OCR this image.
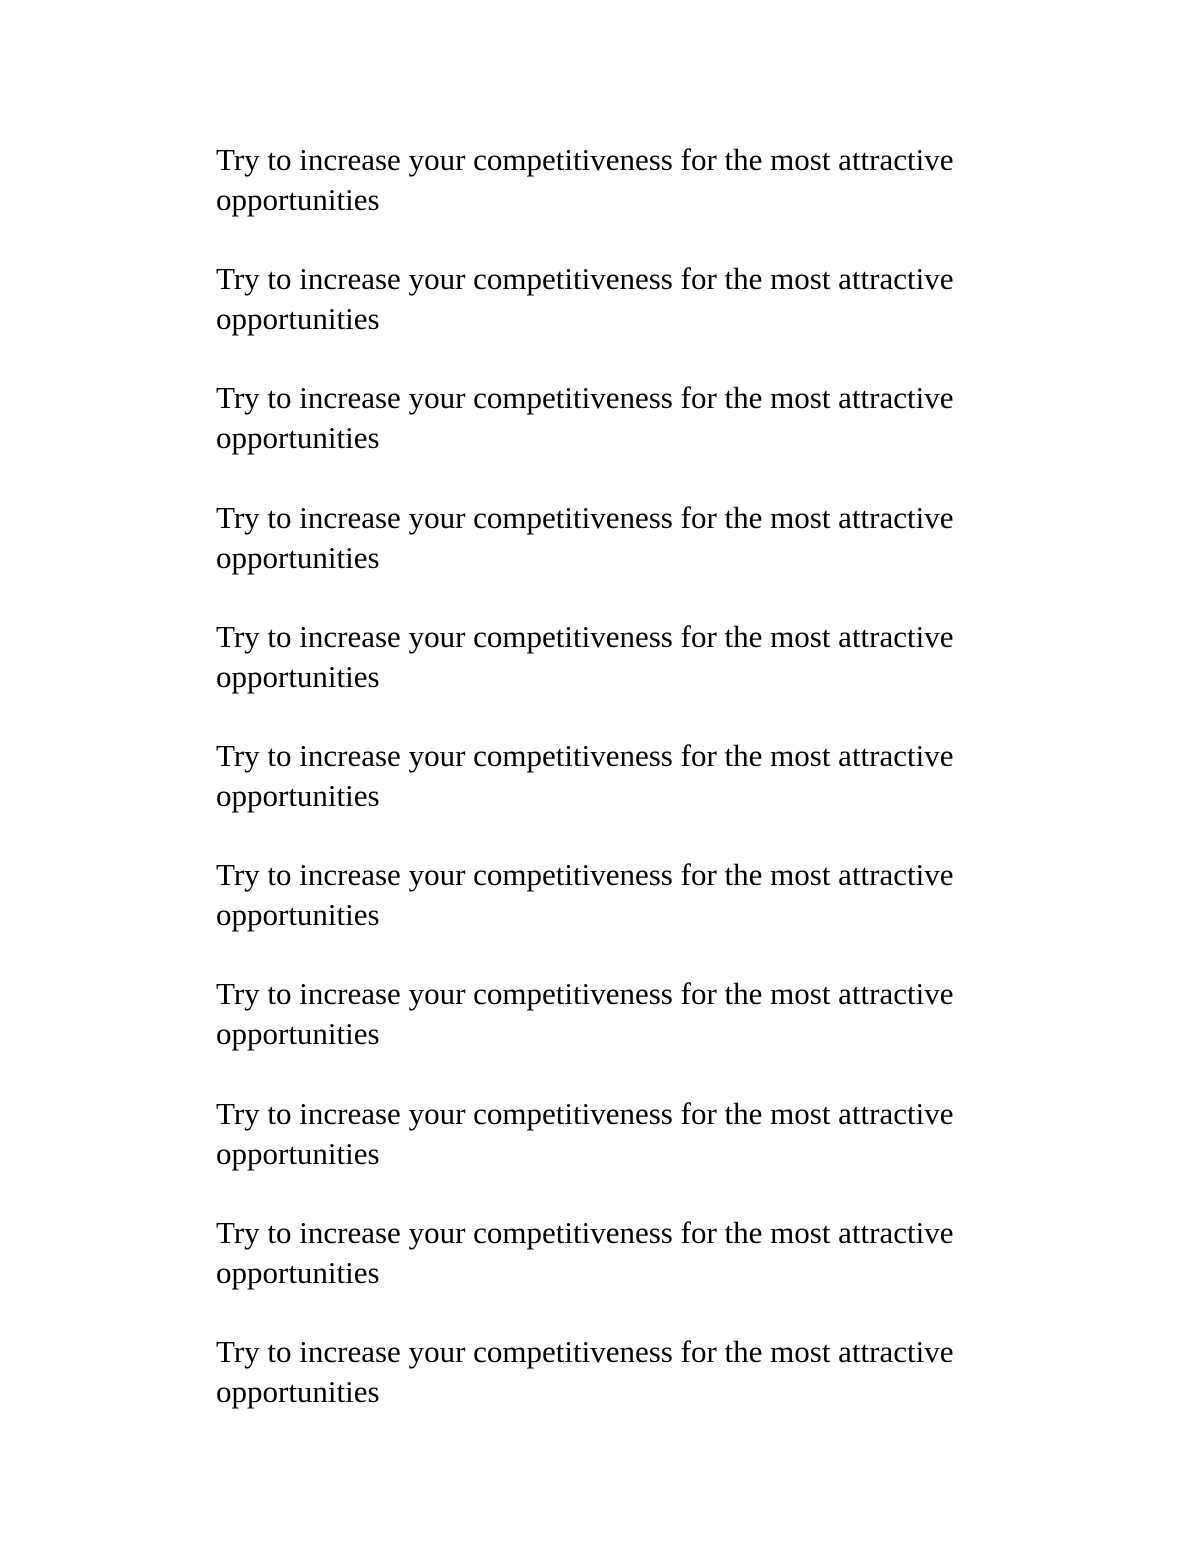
Try to increase your competitiveness for the most attractive opportunities

Try to increase your competitiveness for the most attractive opportunities

Try to increase your competitiveness for the most attractive opportunities

Try to increase your competitiveness for the most attractive opportunities

Try to increase your competitiveness for the most attractive opportunities

Try to increase your competitiveness for the most attractive opportunities

Try to increase your competitiveness for the most attractive opportunities

Try to increase your competitiveness for the most attractive opportunities

Try to increase your competitiveness for the most attractive opportunities

Try to increase your competitiveness for the most attractive opportunities

Try to increase your competitiveness for the most attractive opportunities
